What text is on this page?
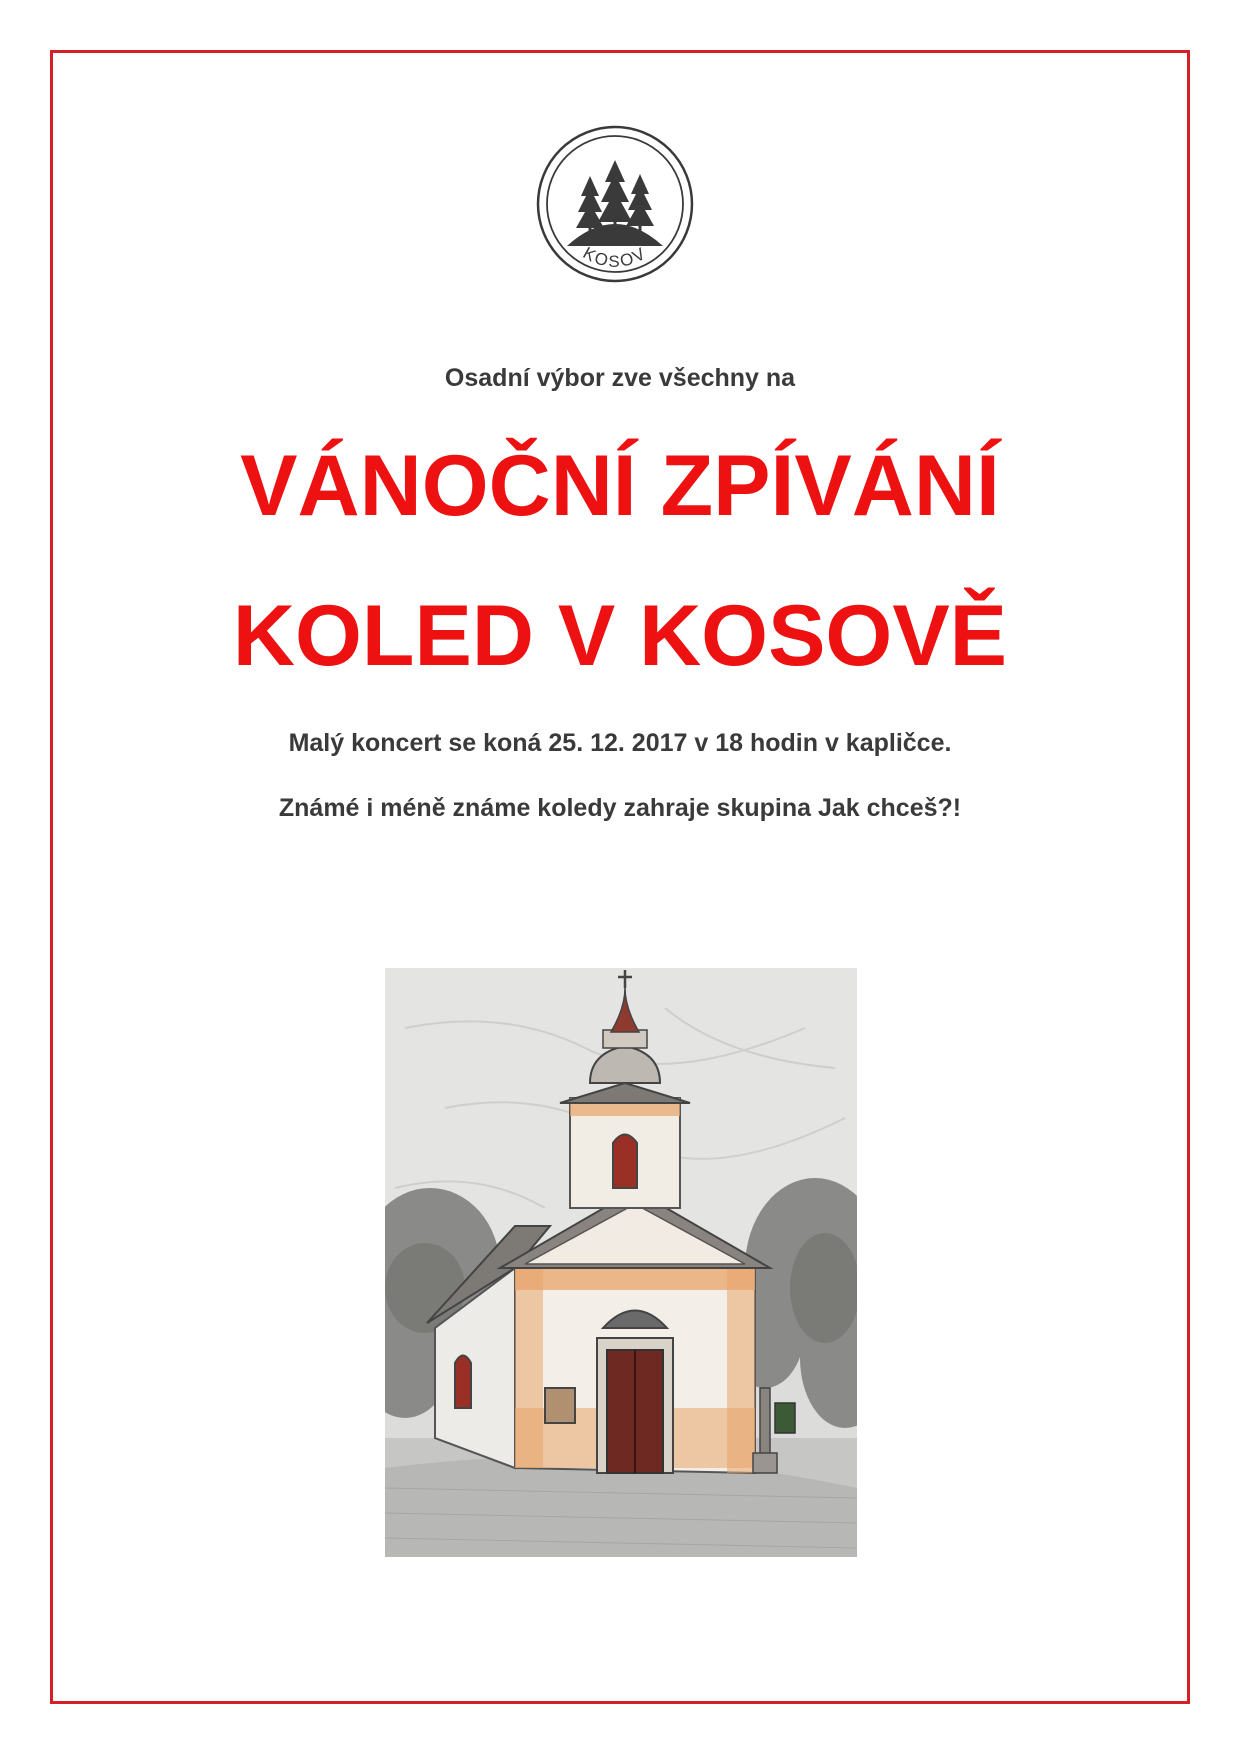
KOSOV
Osadní výbor zve všechny na
VÁNOČNÍ ZPÍVÁNÍ
KOLED V KOSOVĚ
Malý koncert se koná 25. 12. 2017 v 18 hodin v kapličce.
Známé i méně známe koledy zahraje skupina Jak chceš?!
